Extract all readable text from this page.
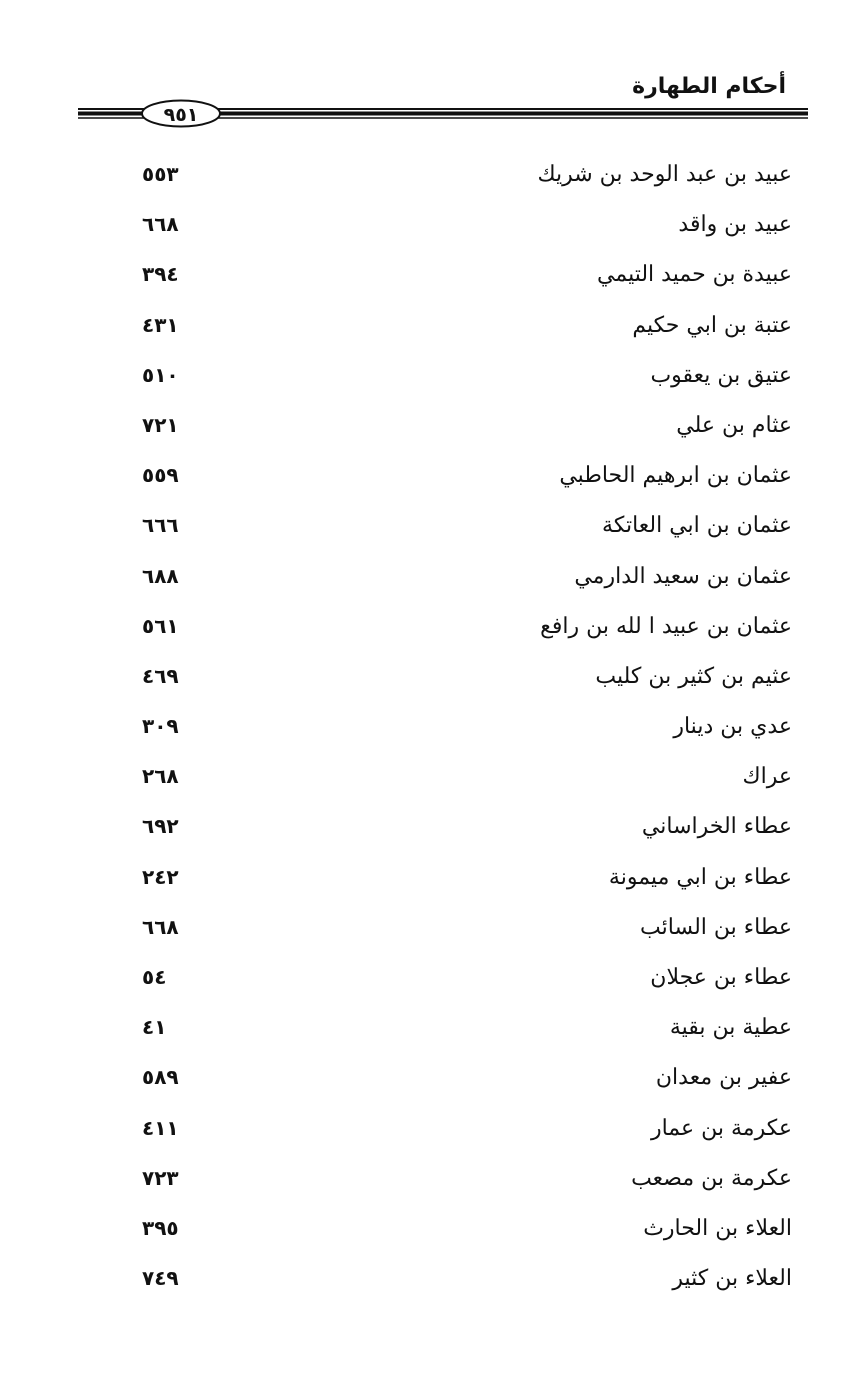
أحكام الطهارة
٩٥١
عبيد بن عبد الوحد بن شريك
٥٥٣
عبيد بن واقد
٦٦٨
عبيدة بن حميد التيمي
٣٩٤
عتبة بن ابي حكيم
٤٣١
عتيق بن يعقوب
٥١٠
عثام بن علي
٧٢١
عثمان بن ابرهيم الحاطبي
٥٥٩
عثمان بن ابي العاتكة
٦٦٦
عثمان بن سعيد الدارمي
٦٨٨
عثمان بن عبيد ا لله بن رافع
٥٦١
عثيم بن كثير بن كليب
٤٦٩
عدي بن دينار
٣٠٩
عراك
٢٦٨
عطاء الخراساني
٦٩٢
عطاء بن ابي ميمونة
٢٤٢
عطاء بن السائب
٦٦٨
عطاء بن عجلان
٥٤
عطية بن بقية
٤١
عفير بن معدان
٥٨٩
عكرمة بن عمار
٤١١
عكرمة بن مصعب
٧٢٣
العلاء بن الحارث
٣٩٥
العلاء بن كثير
٧٤٩
